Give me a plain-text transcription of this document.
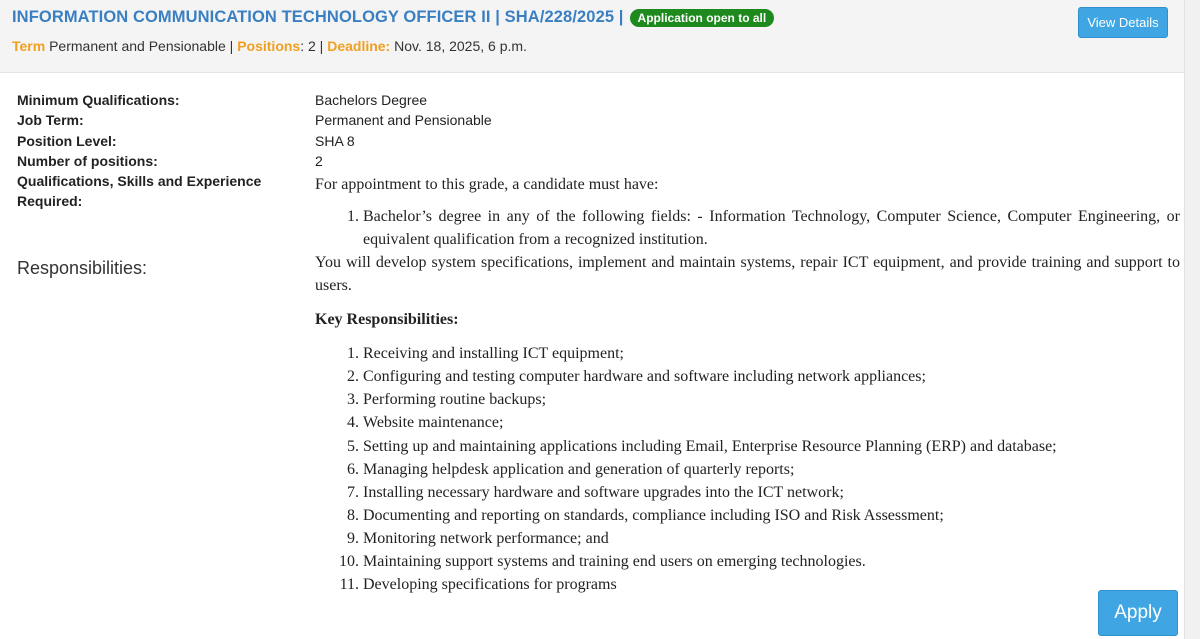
INFORMATION COMMUNICATION TECHNOLOGY OFFICER II | SHA/228/2025 |	Application open to all
Term Permanent and Pensionable | Positions: 2 | Deadline: Nov. 18, 2025, 6 p.m.
View Details
Minimum Qualifications:
Job Term:
Position Level:
Number of positions:
Qualifications, Skills and Experience Required:
Responsibilities:
Bachelors Degree
Permanent and Pensionable
SHA 8
2
For appointment to this grade, a candidate must have:
1. Bachelor’s degree in any of the following fields: - Information Technology, Computer Science, Computer Engineering, or equivalent qualification from a recognized institution.
You will develop system specifications, implement and maintain systems, repair ICT equipment, and provide training and support to users.
Key Responsibilities:
1. Receiving and installing ICT equipment;
2. Configuring and testing computer hardware and software including network appliances;
3. Performing routine backups;
4. Website maintenance;
5. Setting up and maintaining applications including Email, Enterprise Resource Planning (ERP) and database;
6. Managing helpdesk application and generation of quarterly reports;
7. Installing necessary hardware and software upgrades into the ICT network;
8. Documenting and reporting on standards, compliance including ISO and Risk Assessment;
9. Monitoring network performance; and
10. Maintaining support systems and training end users on emerging technologies.
11. Developing specifications for programs
Apply
